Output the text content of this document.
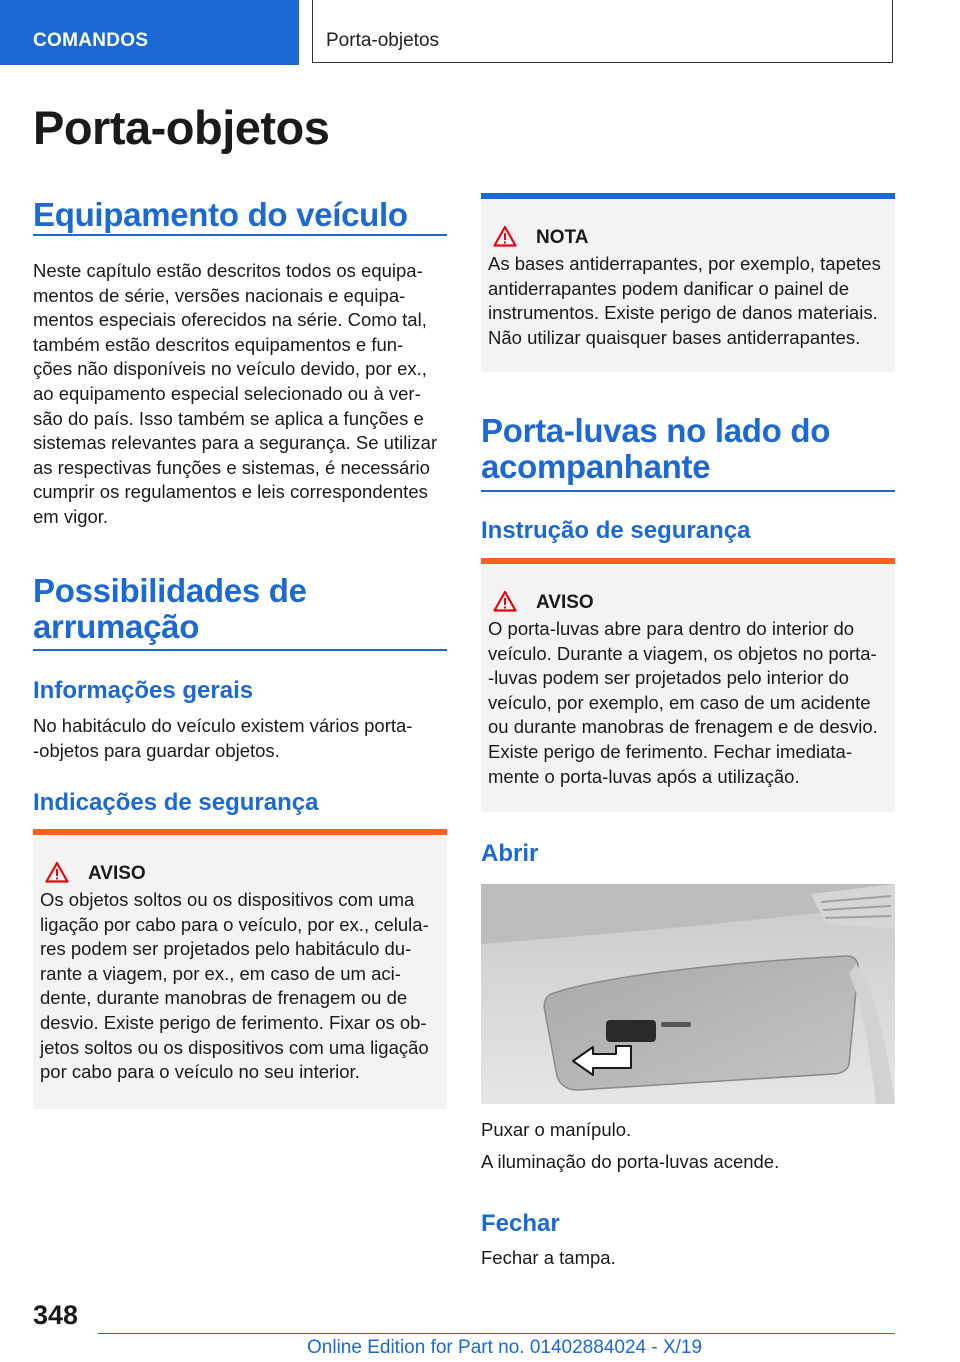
COMANDOS	Porta-objetos
Porta-objetos
Equipamento do veículo
Neste capítulo estão descritos todos os equipa-
mentos de série, versões nacionais e equipa-
mentos especiais oferecidos na série. Como tal,
também estão descritos equipamentos e fun-
ções não disponíveis no veículo devido, por ex.,
ao equipamento especial selecionado ou à ver-
são do país. Isso também se aplica a funções e
sistemas relevantes para a segurança. Se utilizar
as respectivas funções e sistemas, é necessário
cumprir os regulamentos e leis correspondentes
em vigor.
Possibilidades de
arrumação
Informações gerais
No habitáculo do veículo existem vários porta-
-objetos para guardar objetos.
Indicações de segurança
AVISO
Os objetos soltos ou os dispositivos com uma
ligação por cabo para o veículo, por ex., celula-
res podem ser projetados pelo habitáculo du-
rante a viagem, por ex., em caso de um aci-
dente, durante manobras de frenagem ou de
desvio. Existe perigo de ferimento. Fixar os ob-
jetos soltos ou os dispositivos com uma ligação
por cabo para o veículo no seu interior.
NOTA
As bases antiderrapantes, por exemplo, tapetes
antiderrapantes podem danificar o painel de
instrumentos. Existe perigo de danos materiais.
Não utilizar quaisquer bases antiderrapantes.
Porta-luvas no lado do
acompanhante
Instrução de segurança
AVISO
O porta-luvas abre para dentro do interior do
veículo. Durante a viagem, os objetos no porta-
-luvas podem ser projetados pelo interior do
veículo, por exemplo, em caso de um acidente
ou durante manobras de frenagem e de desvio.
Existe perigo de ferimento. Fechar imediata-
mente o porta-luvas após a utilização.
Abrir

Puxar o manípulo.

A iluminação do porta-luvas acende.

Fechar

Fechar a tampa.

348
Online Edition for Part no. 01402884024 - X/19
